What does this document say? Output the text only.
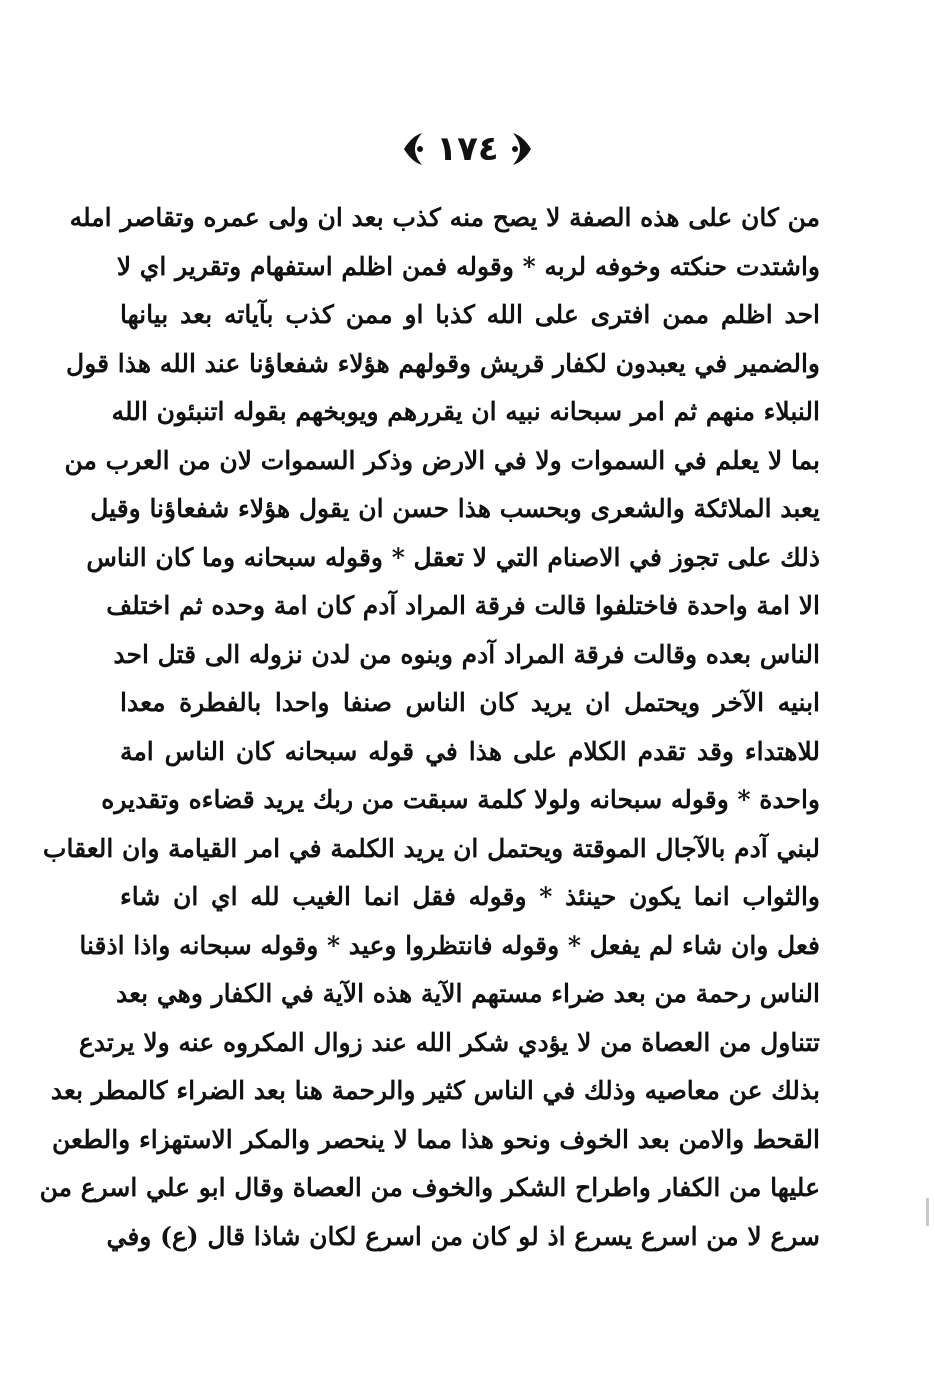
١٧٤
من كان على هذه الصفة لا يصح منه كذب بعد ان ولى عمره وتقاصر امله
واشتدت حنكته وخوفه لربه * وقوله فمن اظلم استفهام وتقرير اي لا
احد اظلم ممن افترى على الله كذبا او ممن كذب بآياته بعد بيانها
والضمير في يعبدون لكفار قريش وقولهم هؤلاء شفعاؤنا عند الله هذا قول
النبلاء منهم ثم امر سبحانه نبيه ان يقررهم ويوبخهم بقوله اتنبئون الله
بما لا يعلم في السموات ولا في الارض وذكر السموات لان من العرب من
يعبد الملائكة والشعرى وبحسب هذا حسن ان يقول هؤلاء شفعاؤنا وقيل
ذلك على تجوز في الاصنام التي لا تعقل * وقوله سبحانه وما كان الناس
الا امة واحدة فاختلفوا قالت فرقة المراد آدم كان امة وحده ثم اختلف
الناس بعده وقالت فرقة المراد آدم وبنوه من لدن نزوله الى قتل احد
ابنيه الآخر ويحتمل ان يريد كان الناس صنفا واحدا بالفطرة معدا
للاهتداء وقد تقدم الكلام على هذا في قوله سبحانه كان الناس امة
واحدة * وقوله سبحانه ولولا كلمة سبقت من ربك يريد قضاءه وتقديره
لبني آدم بالآجال الموقتة ويحتمل ان يريد الكلمة في امر القيامة وان العقاب
والثواب انما يكون حينئذ * وقوله فقل انما الغيب لله اي ان شاء
فعل وان شاء لم يفعل * وقوله فانتظروا وعيد * وقوله سبحانه واذا اذقنا
الناس رحمة من بعد ضراء مستهم الآية هذه الآية في الكفار وهي بعد
تتناول من العصاة من لا يؤدي شكر الله عند زوال المكروه عنه ولا يرتدع
بذلك عن معاصيه وذلك في الناس كثير والرحمة هنا بعد الضراء كالمطر بعد
القحط والامن بعد الخوف ونحو هذا مما لا ينحصر والمكر الاستهزاء والطعن
عليها من الكفار واطراح الشكر والخوف من العصاة وقال ابو علي اسرع من
سرع لا من اسرع يسرع اذ لو كان من اسرع لكان شاذا قال (ع) وفي
